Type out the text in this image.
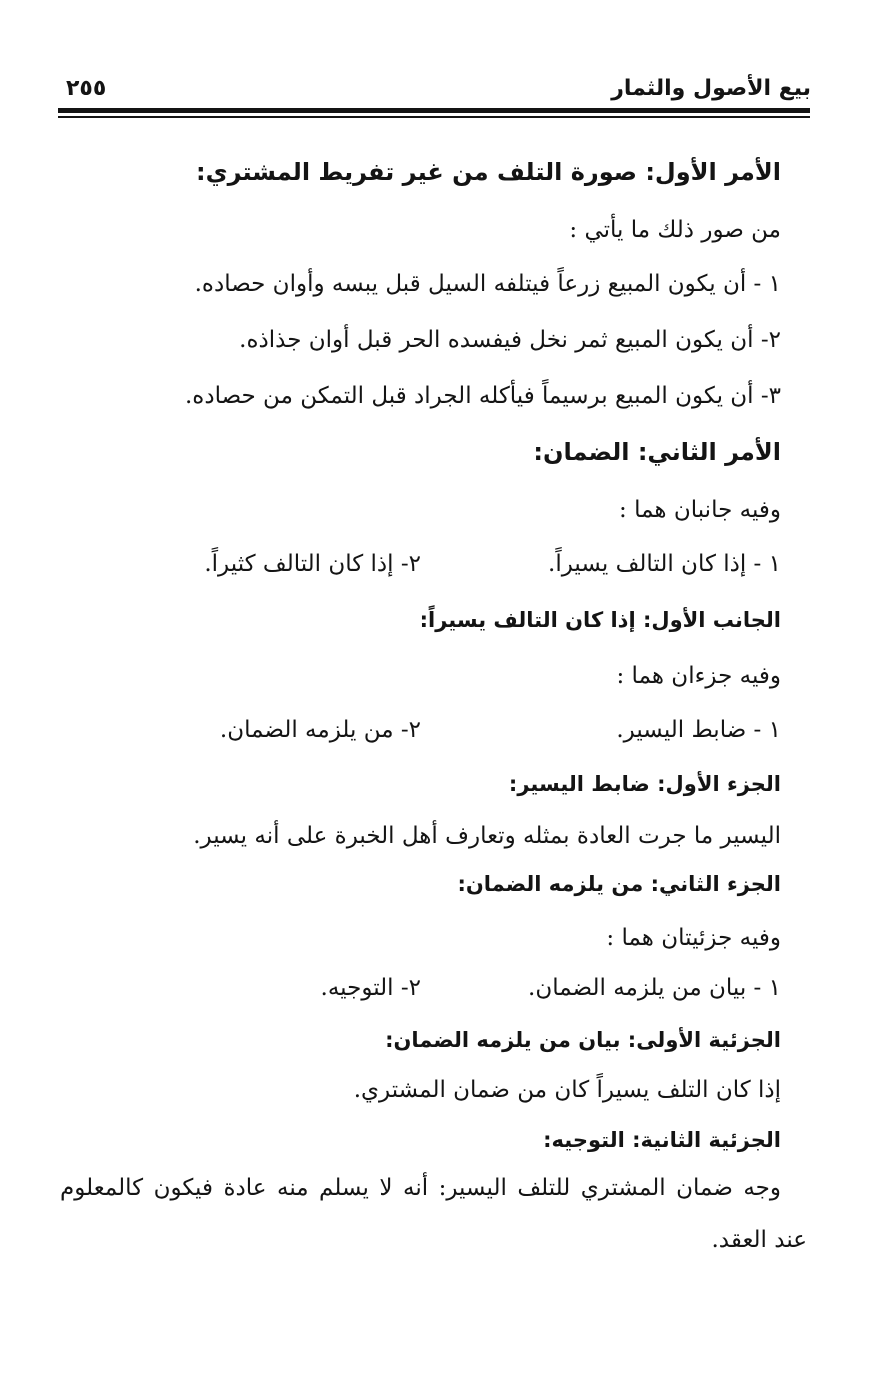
بيع الأصول والثمار
٢٥٥
الأمر الأول: صورة التلف من غير تفريط المشتري:
من صور ذلك ما يأتي :
١ - أن يكون المبيع زرعاً فيتلفه السيل قبل يبسه وأوان حصاده.
٢- أن يكون المبيع ثمر نخل فيفسده الحر قبل أوان جذاذه.
٣- أن يكون المبيع برسيماً فيأكله الجراد قبل التمكن من حصاده.
الأمر الثاني: الضمان:
وفيه جانبان هما :
١ - إذا كان التالف يسيراً.
٢- إذا كان التالف كثيراً.
الجانب الأول: إذا كان التالف يسيراً:
وفيه جزءان هما :
١ - ضابط اليسير.
٢- من يلزمه الضمان.
الجزء الأول: ضابط اليسير:
اليسير ما جرت العادة بمثله وتعارف أهل الخبرة على أنه يسير.
الجزء الثاني: من يلزمه الضمان:
وفيه جزئيتان هما :
١ - بيان من يلزمه الضمان.
٢- التوجيه.
الجزئية الأولى: بيان من يلزمه الضمان:
إذا كان التلف يسيراً كان من ضمان المشتري.
الجزئية الثانية: التوجيه:
وجه ضمان المشتري للتلف اليسير: أنه لا يسلم منه عادة فيكون كالمعلوم
عند العقد.
